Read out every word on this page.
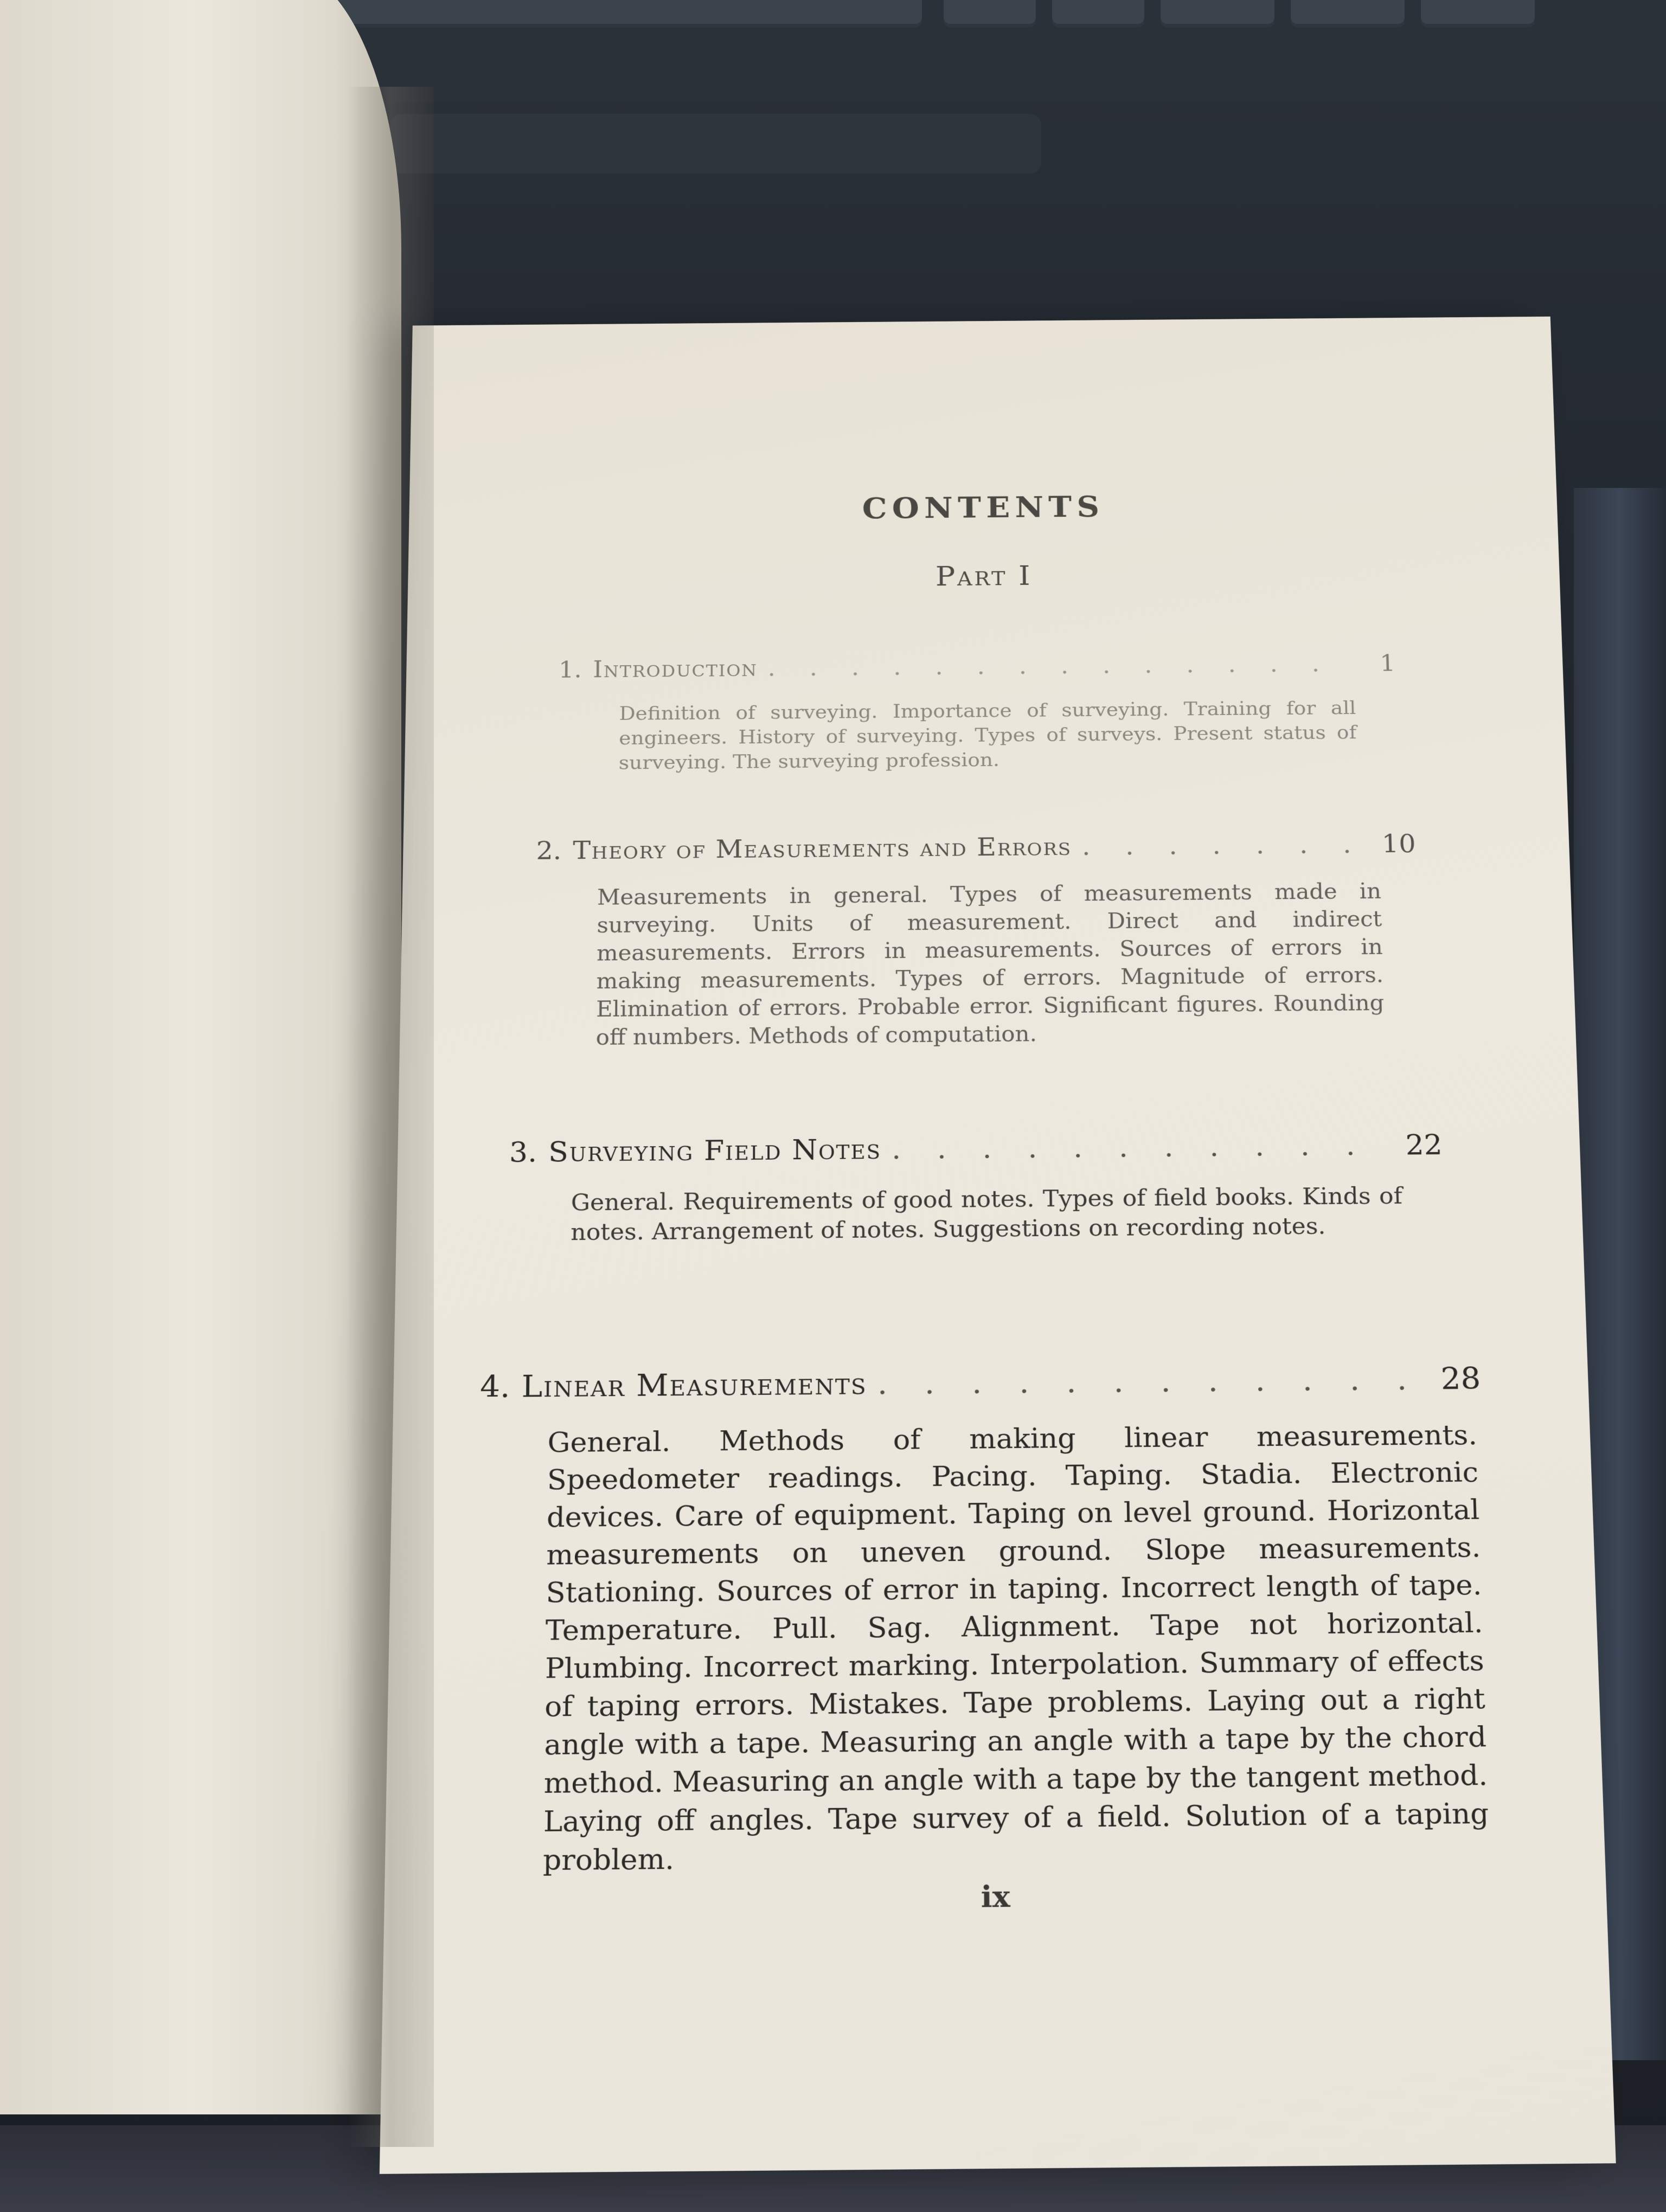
CONTENTS
Part I
1. Introduction . . .	1
Definition of surveying. Importance of surveying. Training for all engineers. History of surveying. Types of surveys. Present status of surveying. The surveying profession.
2. Theory of Measurements and Errors . . .	10
Measurements in general. Types of measurements made in surveying. Units of measurement. Direct and indirect measurements. Errors in measurements. Sources of errors in making measurements. Types of errors. Magnitude of errors. Elimination of errors. Probable error. Significant figures. Rounding off numbers. Methods of computation.
3. Surveying Field Notes . . .	22
General. Requirements of good notes. Types of field books. Kinds of notes. Arrangement of notes. Suggestions on recording notes.
4. Linear Measurements . . .	28
General. Methods of making linear measurements. Speedometer readings. Pacing. Taping. Stadia. Electronic devices. Care of equipment. Taping on level ground. Horizontal measurements on uneven ground. Slope measurements. Stationing. Sources of error in taping. Incorrect length of tape. Temperature. Pull. Sag. Alignment. Tape not horizontal. Plumbing. Incorrect marking. Interpolation. Summary of effects of taping errors. Mistakes. Tape problems. Laying out a right angle with a tape. Measuring an angle with a tape by the chord method. Measuring an angle with a tape by the tangent method. Laying off angles. Tape survey of a field. Solution of a taping problem.
ix
